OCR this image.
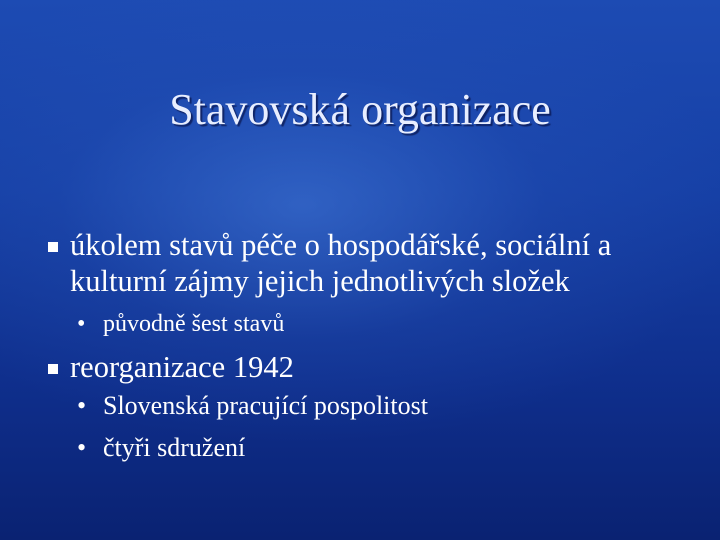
Stavovská organizace
úkolem stavů péče o hospodářské, sociální a
kulturní zájmy jejich jednotlivých složek
• původně šest stavů
reorganizace 1942
• Slovenská pracující pospolitost
• čtyři sdružení
